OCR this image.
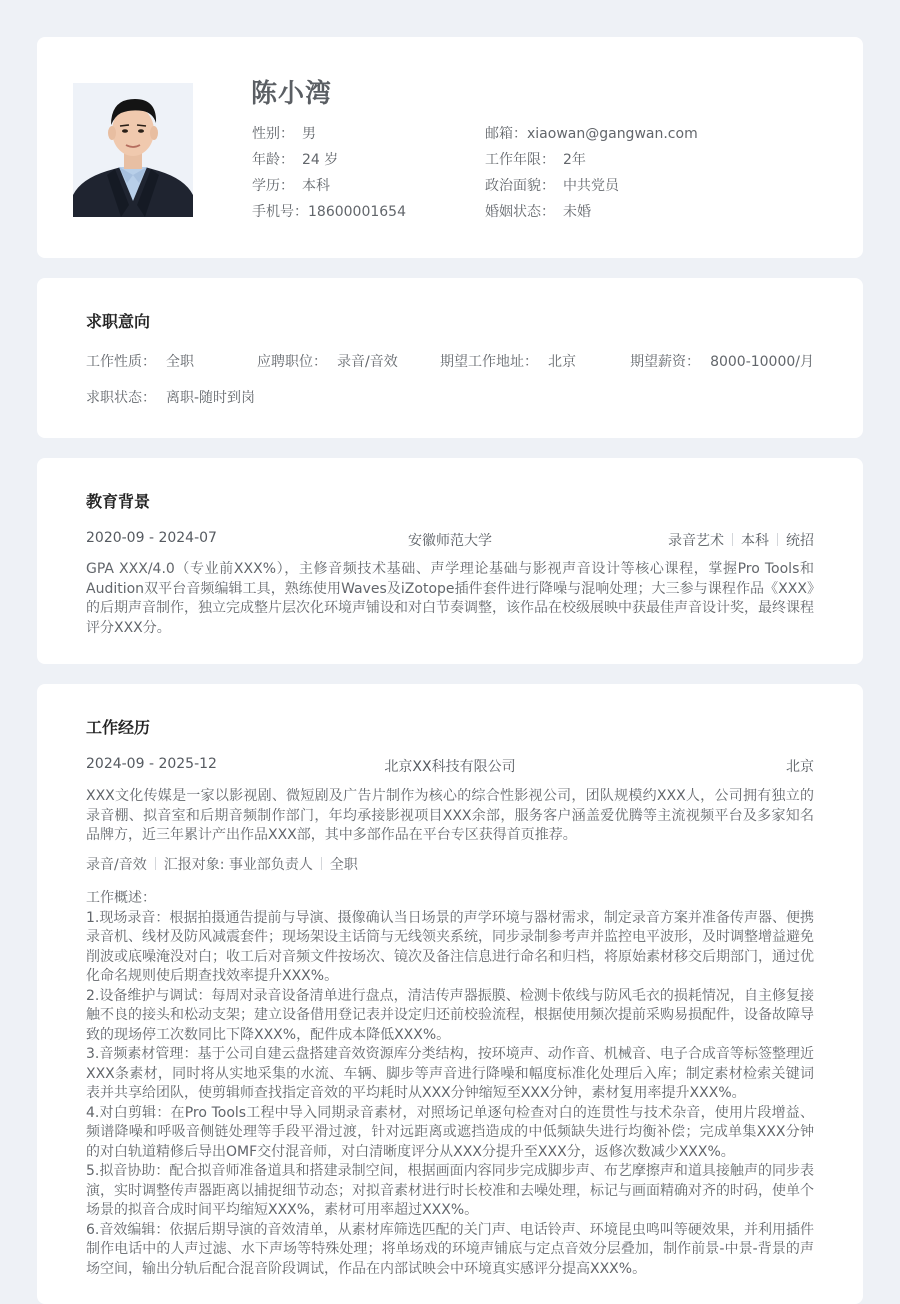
陈小湾
性别： 男
年龄： 24 岁
学历： 本科
手机号：18600001654
邮箱：xiaowan@gangwan.com
工作年限： 2年
政治面貌： 中共党员
婚姻状态： 未婚
求职意向
工作性质： 全职	应聘职位： 录音/音效	期望工作地址： 北京	期望薪资： 8000-10000/月
求职状态： 离职-随时到岗
教育背景
2020-09 - 2024-07	安徽师范大学	录音艺术 本科 统招
GPA XXX/4.0（专业前XXX%），主修音频技术基础、声学理论基础与影视声音设计等核心课程，掌握Pro Tools和Audition双平台音频编辑工具，熟练使用Waves及iZotope插件套件进行降噪与混响处理；大三参与课程作品《XXX》的后期声音制作，独立完成整片层次化环境声铺设和对白节奏调整，该作品在校级展映中获最佳声音设计奖，最终课程评分XXX分。
工作经历
2024-09 - 2025-12	北京XX科技有限公司	北京
XXX文化传媒是一家以影视剧、微短剧及广告片制作为核心的综合性影视公司，团队规模约XXX人，公司拥有独立的录音棚、拟音室和后期音频制作部门，年均承接影视项目XXX余部，服务客户涵盖爱优腾等主流视频平台及多家知名品牌方，近三年累计产出作品XXX部，其中多部作品在平台专区获得首页推荐。
录音/音效 汇报对象: 事业部负责人 全职
工作概述：
1.现场录音：根据拍摄通告提前与导演、摄像确认当日场景的声学环境与器材需求，制定录音方案并准备传声器、便携录音机、线材及防风减震套件；现场架设主话筒与无线领夹系统，同步录制参考声并监控电平波形，及时调整增益避免削波或底噪淹没对白；收工后对音频文件按场次、镜次及备注信息进行命名和归档，将原始素材移交后期部门，通过优化命名规则使后期查找效率提升XXX%。
2.设备维护与调试：每周对录音设备清单进行盘点，清洁传声器振膜、检测卡侬线与防风毛衣的损耗情况，自主修复接触不良的接头和松动支架；建立设备借用登记表并设定归还前校验流程，根据使用频次提前采购易损配件，设备故障导致的现场停工次数同比下降XXX%，配件成本降低XXX%。
3.音频素材管理：基于公司自建云盘搭建音效资源库分类结构，按环境声、动作音、机械音、电子合成音等标签整理近XXX条素材，同时将从实地采集的水流、车辆、脚步等声音进行降噪和幅度标准化处理后入库；制定素材检索关键词表并共享给团队，使剪辑师查找指定音效的平均耗时从XXX分钟缩短至XXX分钟，素材复用率提升XXX%。
4.对白剪辑：在Pro Tools工程中导入同期录音素材，对照场记单逐句检查对白的连贯性与技术杂音，使用片段增益、频谱降噪和呼吸音侧链处理等手段平滑过渡，针对远距离或遮挡造成的中低频缺失进行均衡补偿；完成单集XXX分钟的对白轨道精修后导出OMF交付混音师，对白清晰度评分从XXX分提升至XXX分，返修次数减少XXX%。
5.拟音协助：配合拟音师准备道具和搭建录制空间，根据画面内容同步完成脚步声、布艺摩擦声和道具接触声的同步表演，实时调整传声器距离以捕捉细节动态；对拟音素材进行时长校准和去噪处理，标记与画面精确对齐的时码，使单个场景的拟音合成时间平均缩短XXX%，素材可用率超过XXX%。
6.音效编辑：依据后期导演的音效清单，从素材库筛选匹配的关门声、电话铃声、环境昆虫鸣叫等硬效果，并利用插件制作电话中的人声过滤、水下声场等特殊处理；将单场戏的环境声铺底与定点音效分层叠加，制作前景-中景-背景的声场空间，输出分轨后配合混音阶段调试，作品在内部试映会中环境真实感评分提高XXX%。
